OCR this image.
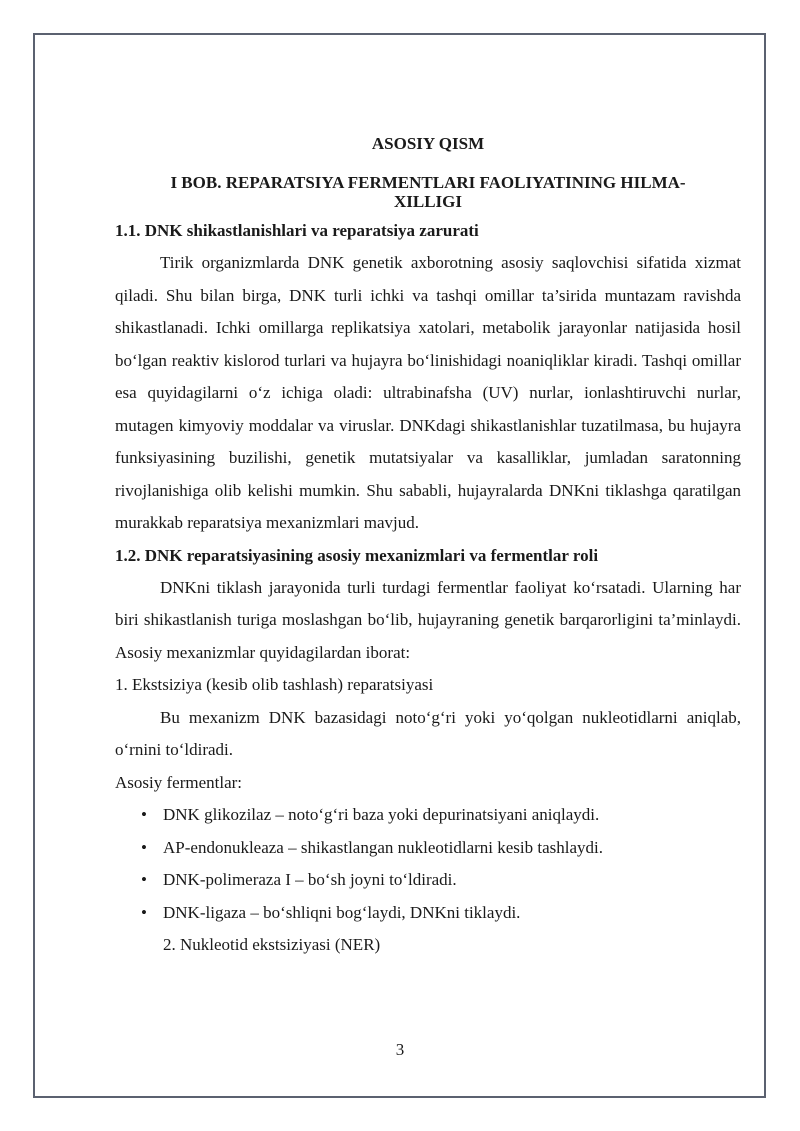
ASOSIY QISM

I BOB. REPARATSIYA FERMENTLARI FAOLIYATINING HILMA-
XILLIGI

1.1. DNK shikastlanishlari va reparatsiya zarurati

Tirik organizmlarda DNK genetik axborotning asosiy saqlovchisi sifatida xizmat qiladi. Shu bilan birga, DNK turli ichki va tashqi omillar ta’sirida muntazam ravishda shikastlanadi. Ichki omillarga replikatsiya xatolari, metabolik jarayonlar natijasida hosil bo‘lgan reaktiv kislorod turlari va hujayra bo‘linishidagi noaniqliklar kiradi. Tashqi omillar esa quyidagilarni o‘z ichiga oladi: ultrabinafsha (UV) nurlar, ionlashtiruvchi nurlar, mutagen kimyoviy moddalar va viruslar. DNKdagi shikastlanishlar tuzatilmasa, bu hujayra funksiyasining buzilishi, genetik mutatsiyalar va kasalliklar, jumladan saratonning rivojlanishiga olib kelishi mumkin. Shu sababli, hujayralarda DNKni tiklashga qaratilgan murakkab reparatsiya mexanizmlari mavjud.

1.2. DNK reparatsiyasining asosiy mexanizmlari va fermentlar roli

DNKni tiklash jarayonida turli turdagi fermentlar faoliyat ko‘rsatadi. Ularning har biri shikastlanish turiga moslashgan bo‘lib, hujayraning genetik barqarorligini ta’minlaydi. Asosiy mexanizmlar quyidagilardan iborat:

1. Ekstsiziya (kesib olib tashlash) reparatsiyasi

Bu mexanizm DNK bazasidagi noto‘g‘ri yoki yo‘qolgan nukleotidlarni aniqlab, o‘rnini to‘ldiradi.

Asosiy fermentlar:

• DNK glikozilaz – noto‘g‘ri baza yoki depurinatsiyani aniqlaydi.
• AP-endonukleaza – shikastlangan nukleotidlarni kesib tashlaydi.
• DNK-polimeraza I – bo‘sh joyni to‘ldiradi.
• DNK-ligaza – bo‘shliqni bog‘laydi, DNKni tiklaydi.

2. Nukleotid ekstsiziyasi (NER)

3
